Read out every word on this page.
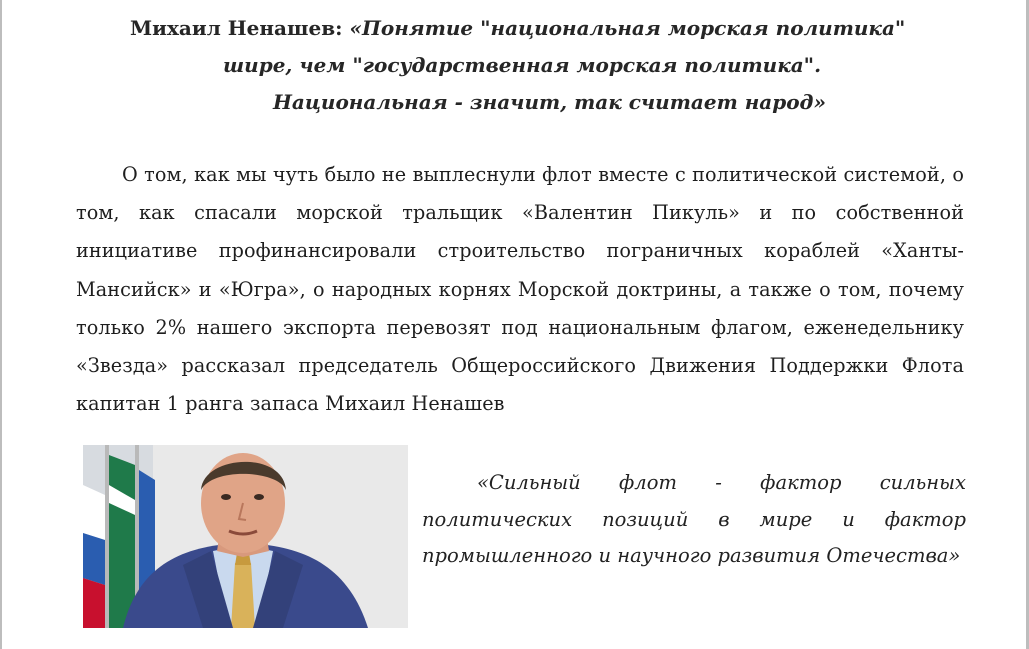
Михаил Ненашев: «Понятие "национальная морская политика"
шире, чем "государственная морская политика".
Национальная - значит, так считает народ»
О том, как мы чуть было не выплеснули флот вместе с политической системой, о
том, как спасали морской тральщик «Валентин Пикуль» и по собственной
инициативе профинансировали строительство пограничных кораблей «Ханты-
Мансийск» и «Югра», о народных корнях Морской доктрины, а также о том, почему
только 2% нашего экспорта перевозят под национальным флагом, еженедельнику
«Звезда» рассказал председатель Общероссийского Движения Поддержки Флота
капитан 1 ранга запаса Михаил Ненашев
«Сильный флот - фактор сильных
политических позиций в мире и фактор
промышленного и научного развития Отечества»
